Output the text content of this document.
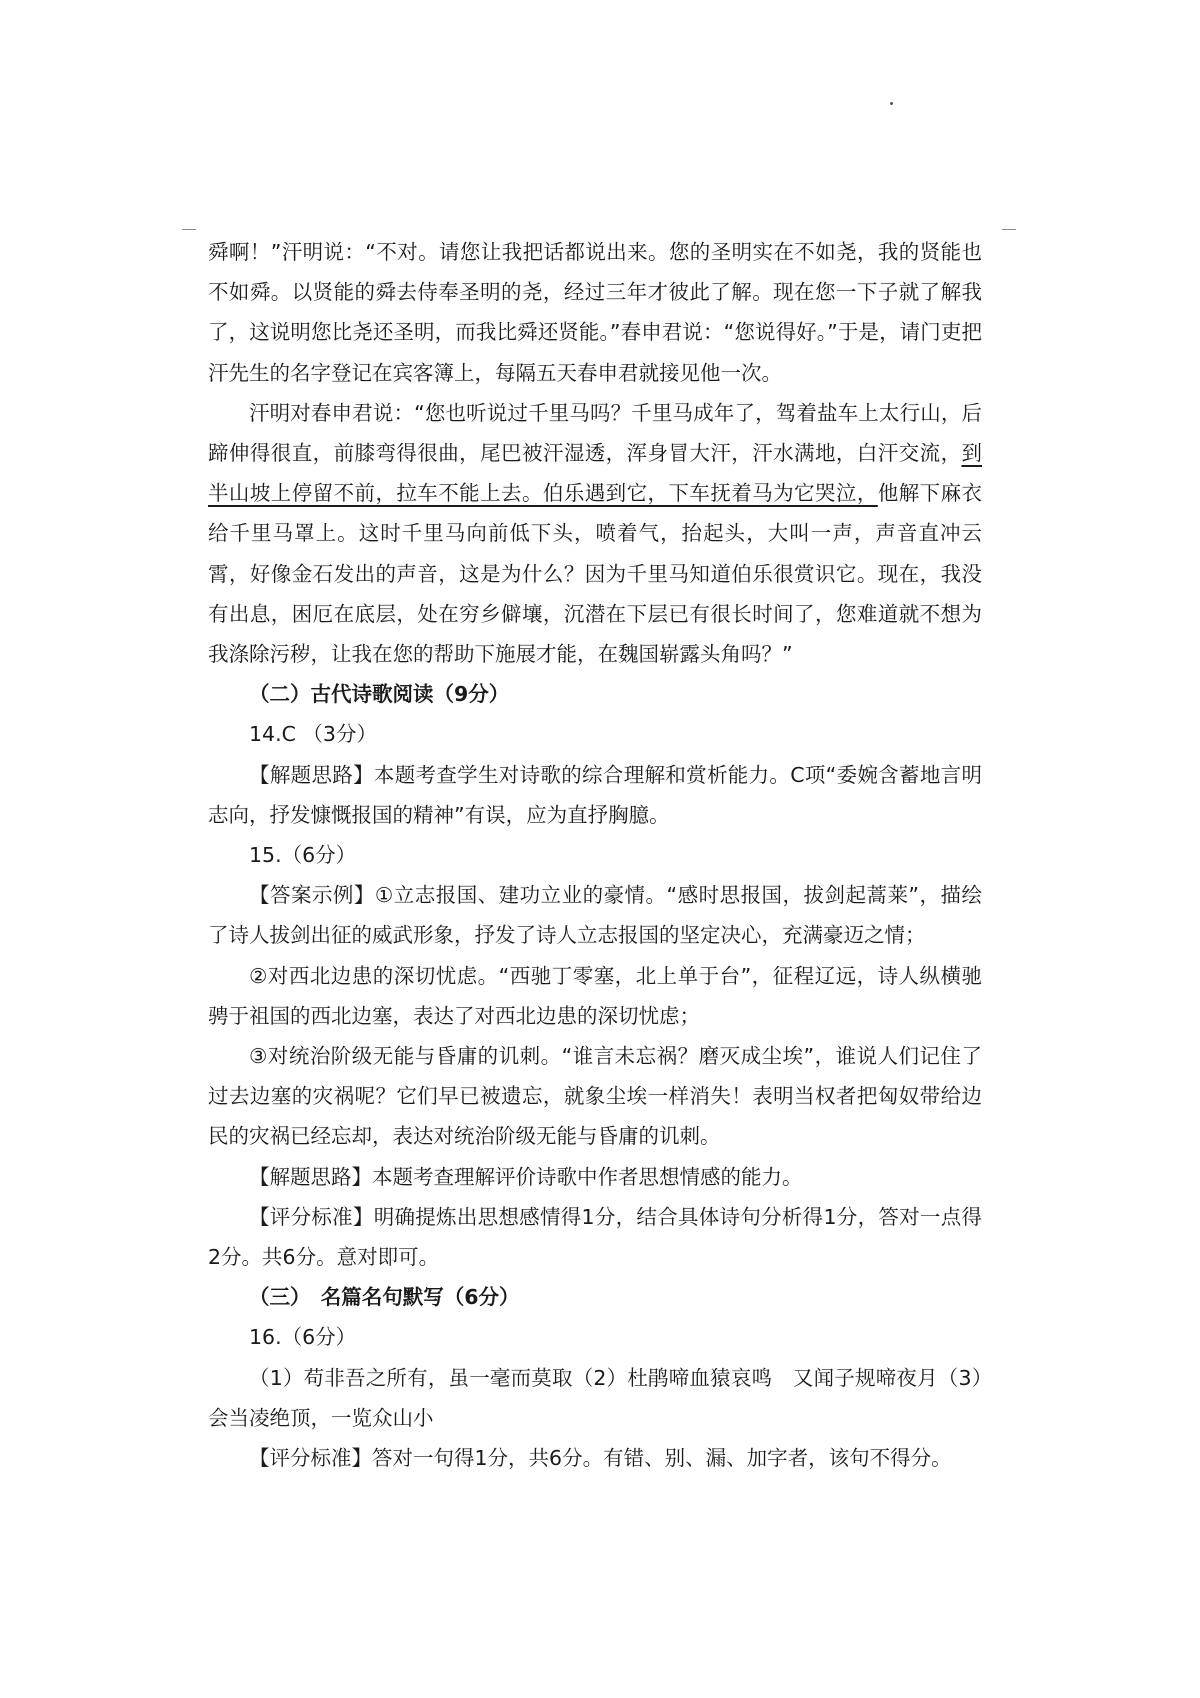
舜啊！”汗明说：“不对。请您让我把话都说出来。您的圣明实在不如尧，我的贤能也不如舜。以贤能的舜去侍奉圣明的尧，经过三年才彼此了解。现在您一下子就了解我了，这说明您比尧还圣明，而我比舜还贤能。”春申君说：“您说得好。”于是，请门吏把汗先生的名字登记在宾客簿上，每隔五天春申君就接见他一次。

汗明对春申君说：“您也听说过千里马吗？千里马成年了，驾着盐车上太行山，后蹄伸得很直，前膝弯得很曲，尾巴被汗湿透，浑身冒大汗，汗水满地，白汗交流，到半山坡上停留不前，拉车不能上去。伯乐遇到它，下车抚着马为它哭泣，他解下麻衣给千里马罩上。这时千里马向前低下头，喷着气，抬起头，大叫一声，声音直冲云霄，好像金石发出的声音，这是为什么？因为千里马知道伯乐很赏识它。现在，我没有出息，困厄在底层，处在穷乡僻壤，沉潜在下层已有很长时间了，您难道就不想为我涤除污秽，让我在您的帮助下施展才能，在魏国崭露头角吗？”

（二）古代诗歌阅读（9分）

14.C （3分）

【解题思路】本题考查学生对诗歌的综合理解和赏析能力。C项“委婉含蓄地言明志向，抒发慷慨报国的精神”有误，应为直抒胸臆。

15.（6分）

【答案示例】①立志报国、建功立业的豪情。“感时思报国，拔剑起蒿莱”，描绘了诗人拔剑出征的威武形象，抒发了诗人立志报国的坚定决心，充满豪迈之情；

②对西北边患的深切忧虑。“西驰丁零塞，北上单于台”，征程辽远，诗人纵横驰骋于祖国的西北边塞，表达了对西北边患的深切忧虑；

③对统治阶级无能与昏庸的讥刺。“谁言未忘祸？磨灭成尘埃”，谁说人们记住了过去边塞的灾祸呢？它们早已被遗忘，就象尘埃一样消失！表明当权者把匈奴带给边民的灾祸已经忘却，表达对统治阶级无能与昏庸的讥刺。

【解题思路】本题考查理解评价诗歌中作者思想情感的能力。

【评分标准】明确提炼出思想感情得1分，结合具体诗句分析得1分，答对一点得2分。共6分。意对即可。

（三）　名篇名句默写（6分）

16.（6分）

（1）苟非吾之所有，虽一毫而莫取（2）杜鹃啼血猿哀鸣　又闻子规啼夜月（3）会当凌绝顶，一览众山小

【评分标准】答对一句得1分，共6分。有错、别、漏、加字者，该句不得分。
